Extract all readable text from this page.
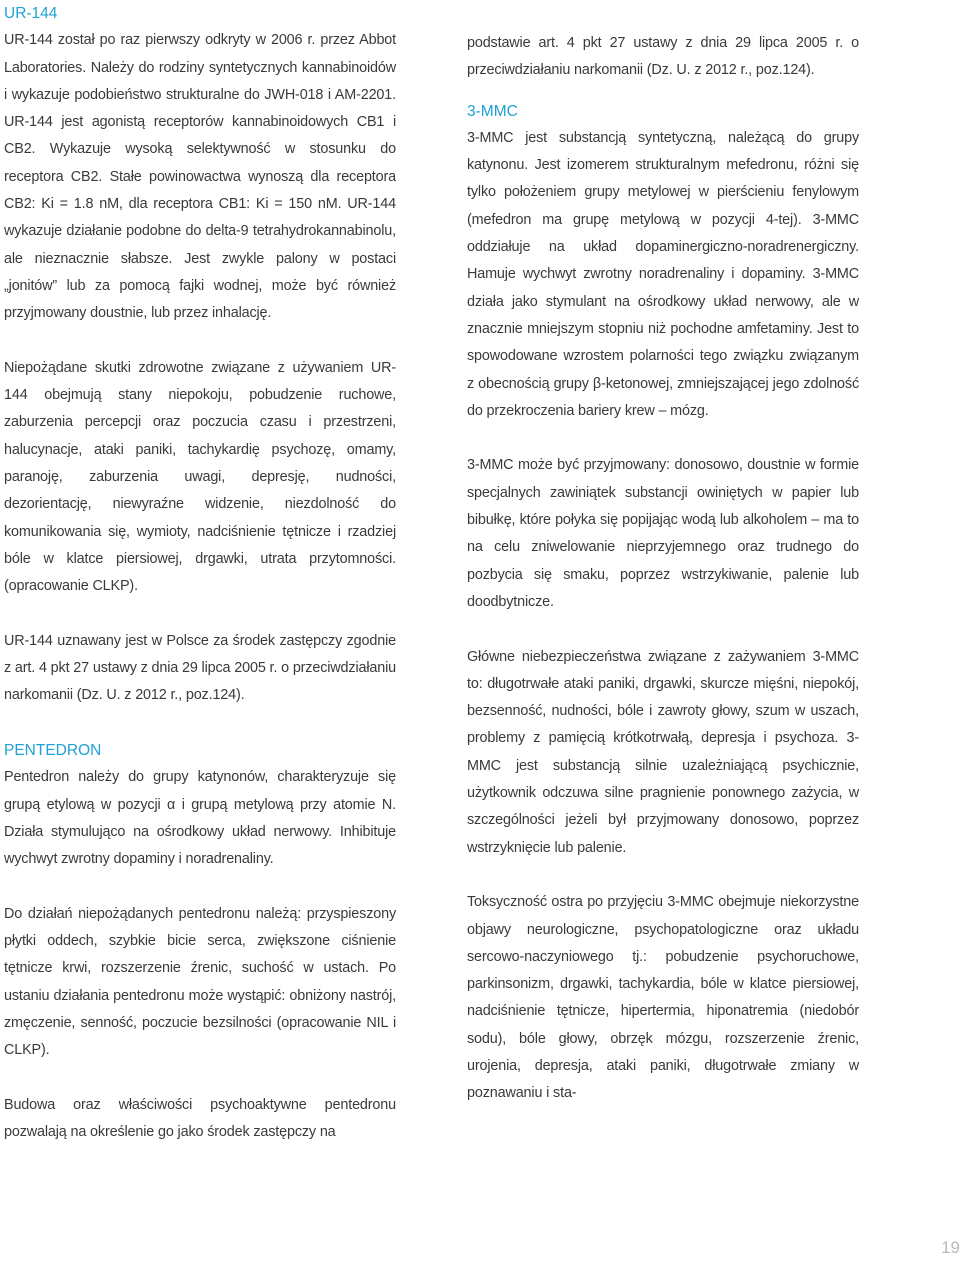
UR-144

UR-144 został po raz pierwszy odkryty w 2006 r. przez Abbot Laboratories. Należy do rodziny syntetycznych kannabinoidów i wykazuje podobieństwo strukturalne do JWH-018 i AM-2201. UR-144 jest agonistą receptorów kannabinoidowych CB1 i CB2. Wykazuje wysoką selektywność w stosunku do receptora CB2. Stałe powinowactwa wynoszą dla receptora CB2: Ki = 1.8 nM, dla receptora CB1: Ki = 150 nM. UR-144 wykazuje działanie podobne do delta-9 tetrahydrokannabinolu, ale nieznacznie słabsze. Jest zwykle palony w postaci „jonitów” lub za pomocą fajki wodnej, może być również przyjmowany doustnie, lub przez inhalację.

Niepożądane skutki zdrowotne związane z używaniem UR-144 obejmują stany niepokoju, pobudzenie ruchowe, zaburzenia percepcji oraz poczucia czasu i przestrzeni, halucynacje, ataki paniki, tachykardię psychozę, omamy, paranoję, zaburzenia uwagi, depresję, nudności, dezorientację, niewyraźne widzenie, niezdolność do komunikowania się, wymioty, nadciśnienie tętnicze i rzadziej bóle w klatce piersiowej, drgawki, utrata przytomności. (opracowanie CLKP).

UR-144 uznawany jest w Polsce za środek zastępczy zgodnie z art. 4 pkt 27 ustawy z dnia 29 lipca 2005 r. o przeciwdziałaniu narkomanii (Dz. U. z 2012 r., poz.124).

PENTEDRON

Pentedron należy do grupy katynonów, charakteryzuje się grupą etylową w pozycji α i grupą metylową przy atomie N. Działa stymulująco na ośrodkowy układ nerwowy. Inhibituje wychwyt zwrotny dopaminy i noradrenaliny.

Do działań niepożądanych pentedronu należą: przyspieszony płytki oddech, szybkie bicie serca, zwiększone ciśnienie tętnicze krwi, rozszerzenie źrenic, suchość w ustach. Po ustaniu działania pentedronu może wystąpić: obniżony nastrój, zmęczenie, senność, poczucie bezsilności (opracowanie NIL i CLKP).

Budowa oraz właściwości psychoaktywne pentedronu pozwalają na określenie go jako środek zastępczy na

podstawie art. 4 pkt 27 ustawy z dnia 29 lipca 2005 r. o przeciwdziałaniu narkomanii (Dz. U. z 2012 r., poz.124).

3-MMC

3-MMC jest substancją syntetyczną, należącą do grupy katynonu. Jest izomerem strukturalnym mefedronu, różni się tylko położeniem grupy metylowej w pierścieniu fenylowym (mefedron ma grupę metylową w pozycji 4-tej). 3-MMC oddziałuje na układ dopaminergiczno-noradrenergiczny. Hamuje wychwyt zwrotny noradrenaliny i dopaminy. 3-MMC działa jako stymulant na ośrodkowy układ nerwowy, ale w znacznie mniejszym stopniu niż pochodne amfetaminy. Jest to spowodowane wzrostem polarności tego związku związanym z obecnością grupy β-ketonowej, zmniejszającej jego zdolność do przekroczenia bariery krew – mózg.

3-MMC może być przyjmowany: donosowo, doustnie w formie specjalnych zawiniątek substancji owiniętych w papier lub bibułkę, które połyka się popijając wodą lub alkoholem – ma to na celu zniwelowanie nieprzyjemnego oraz trudnego do pozbycia się smaku, poprzez wstrzykiwanie, palenie lub doodbytnicze.

Główne niebezpieczeństwa związane z zażywaniem 3-MMC to: długotrwałe ataki paniki, drgawki, skurcze mięśni, niepokój, bezsenność, nudności, bóle i zawroty głowy, szum w uszach, problemy z pamięcią krótkotrwałą, depresja i psychoza. 3-MMC jest substancją silnie uzależniającą psychicznie, użytkownik odczuwa silne pragnienie ponownego zażycia, w szczególności jeżeli był przyjmowany donosowo, poprzez wstrzyknięcie lub palenie.

Toksyczność ostra po przyjęciu 3-MMC obejmuje niekorzystne objawy neurologiczne, psychopatologiczne oraz układu sercowo-naczyniowego tj.: pobudzenie psychoruchowe, parkinsonizm, drgawki, tachykardia, bóle w klatce piersiowej, nadciśnienie tętnicze, hipertermia, hiponatremia (niedobór sodu), bóle głowy, obrzęk mózgu, rozszerzenie źrenic, urojenia, depresja, ataki paniki, długotrwałe zmiany w poznawaniu i sta-

19
